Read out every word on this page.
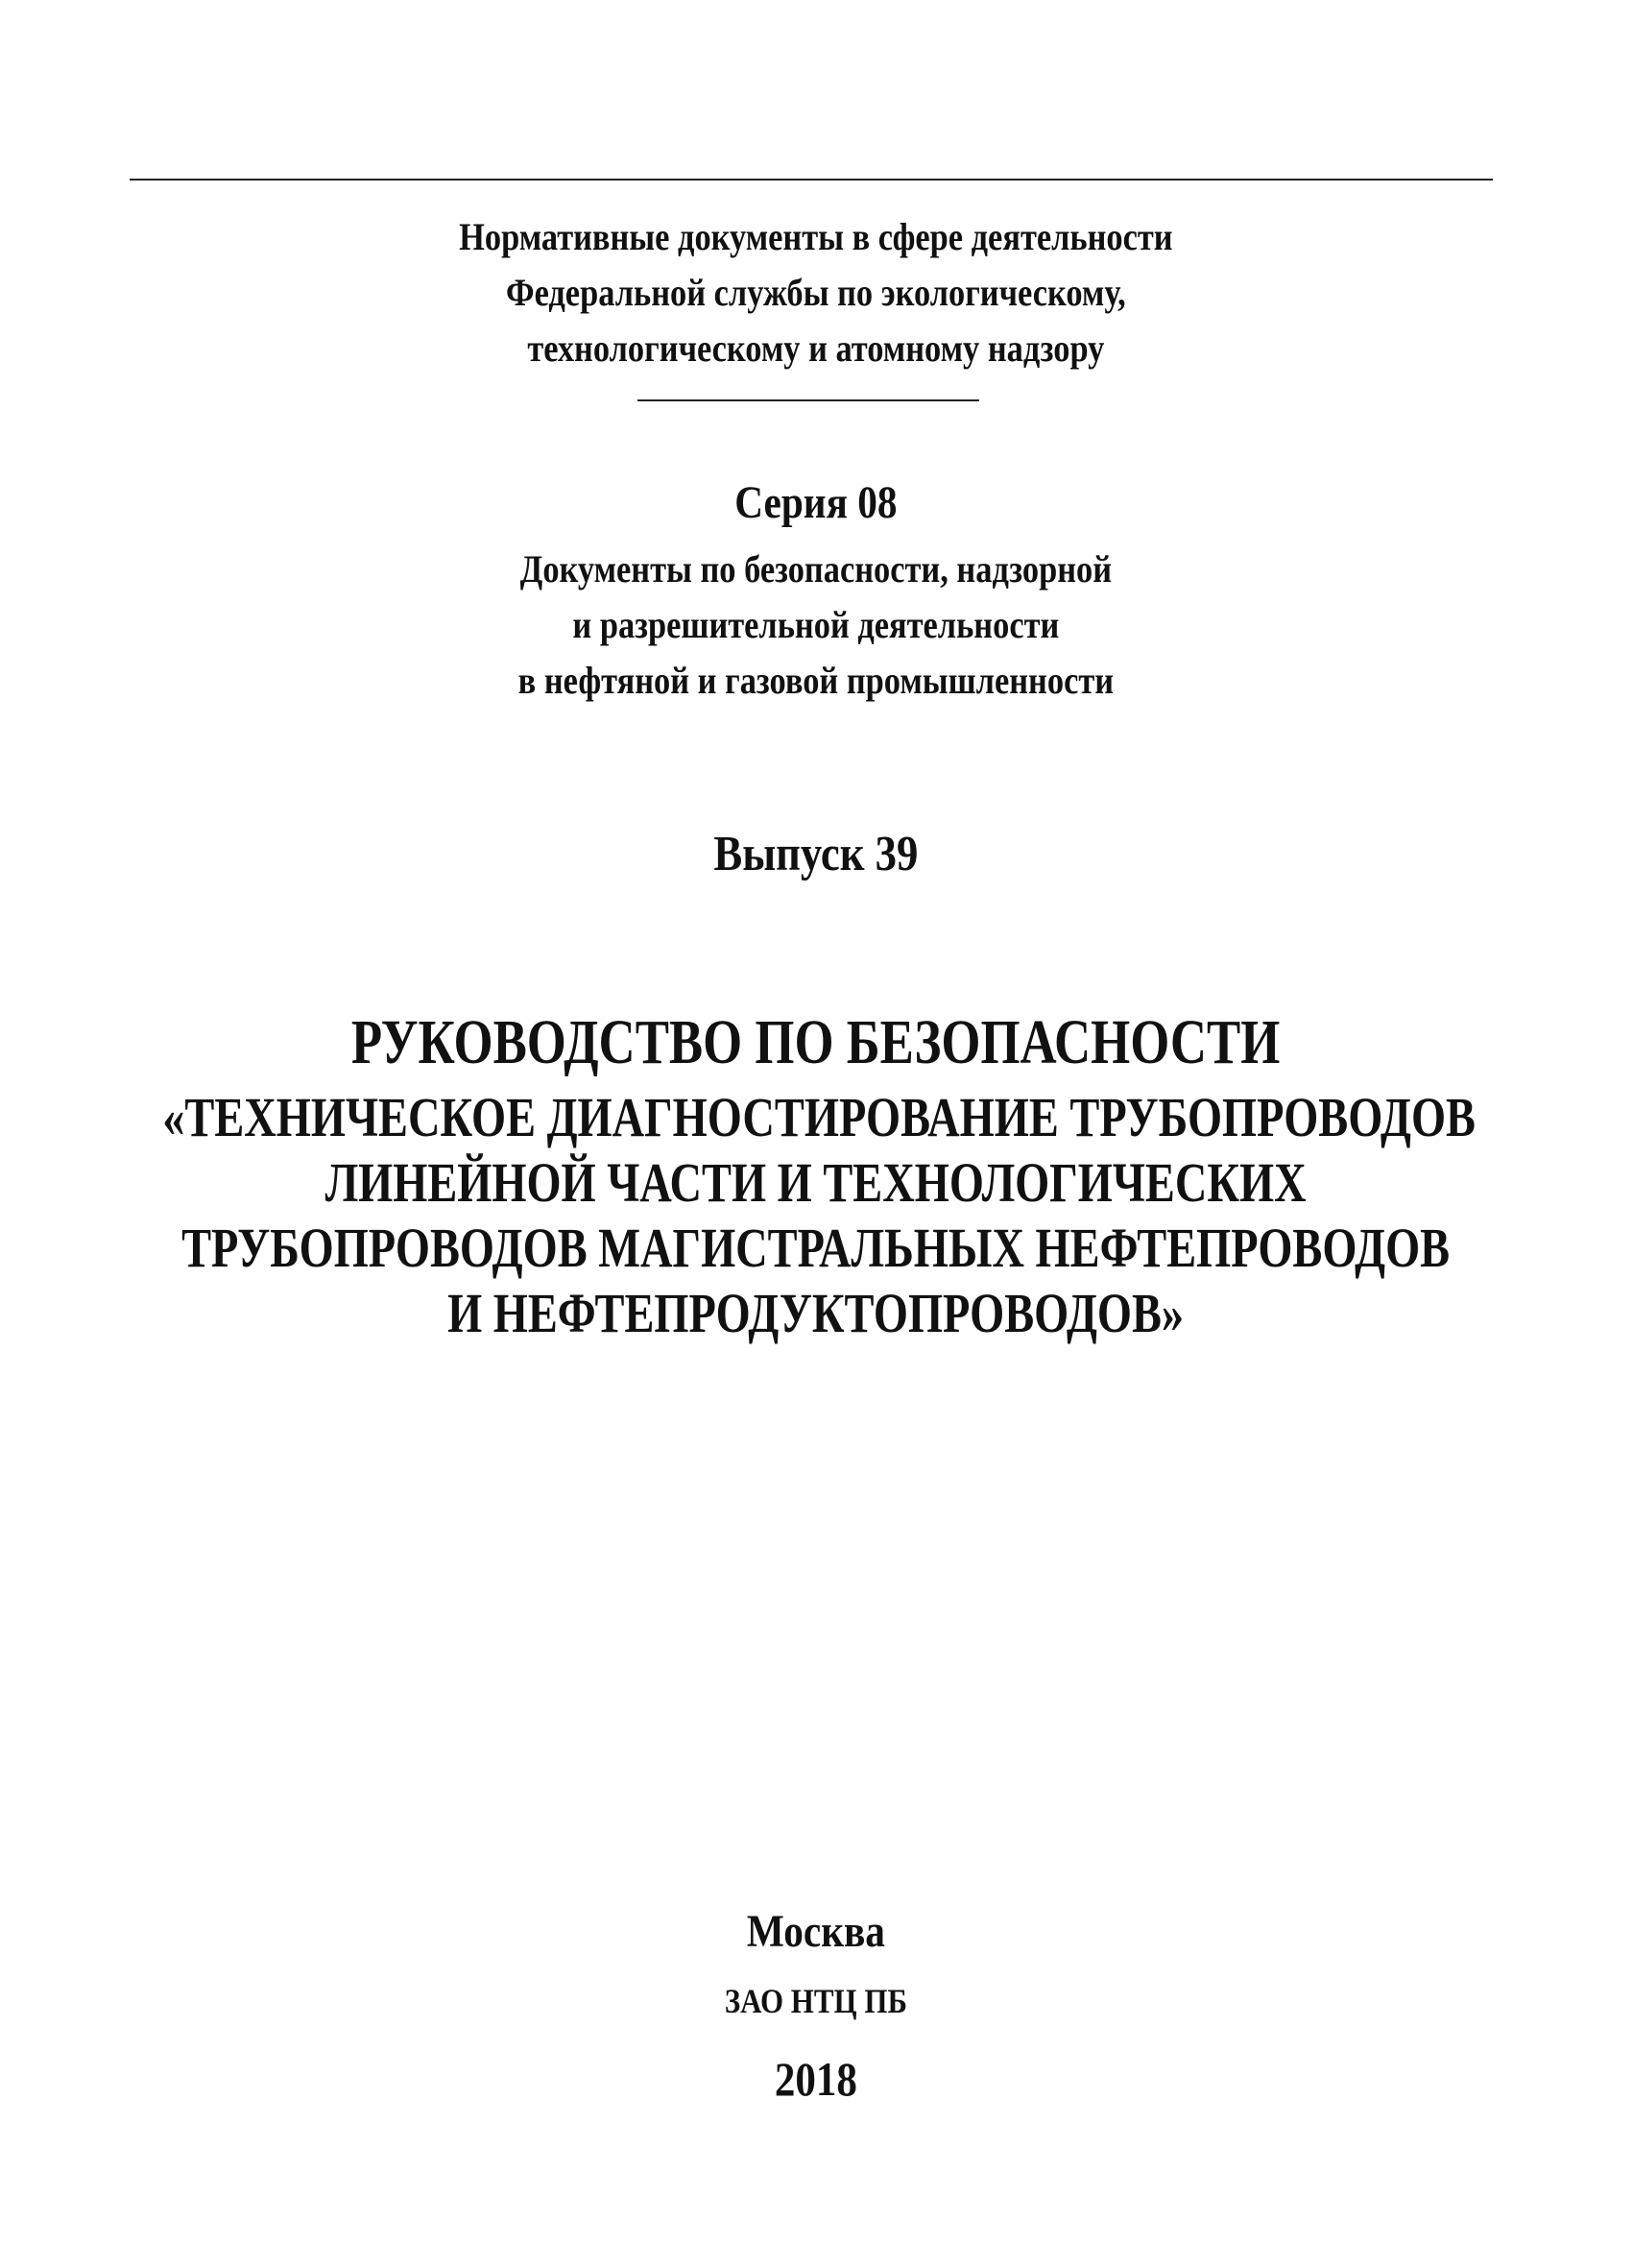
Нормативные документы в сфере деятельности
Федеральной службы по экологическому,
технологическому и атомному надзору
Серия 08
Документы по безопасности, надзорной
и разрешительной деятельности
в нефтяной и газовой промышленности
Выпуск 39
РУКОВОДСТВО ПО БЕЗОПАСНОСТИ
«ТЕХНИЧЕСКОЕ ДИАГНОСТИРОВАНИЕ ТРУБОПРОВОДОВ
ЛИНЕЙНОЙ ЧАСТИ И ТЕХНОЛОГИЧЕСКИХ
ТРУБОПРОВОДОВ МАГИСТРАЛЬНЫХ НЕФТЕПРОВОДОВ
И НЕФТЕПРОДУКТОПРОВОДОВ»
Москва
ЗАО НТЦ ПБ
2018
